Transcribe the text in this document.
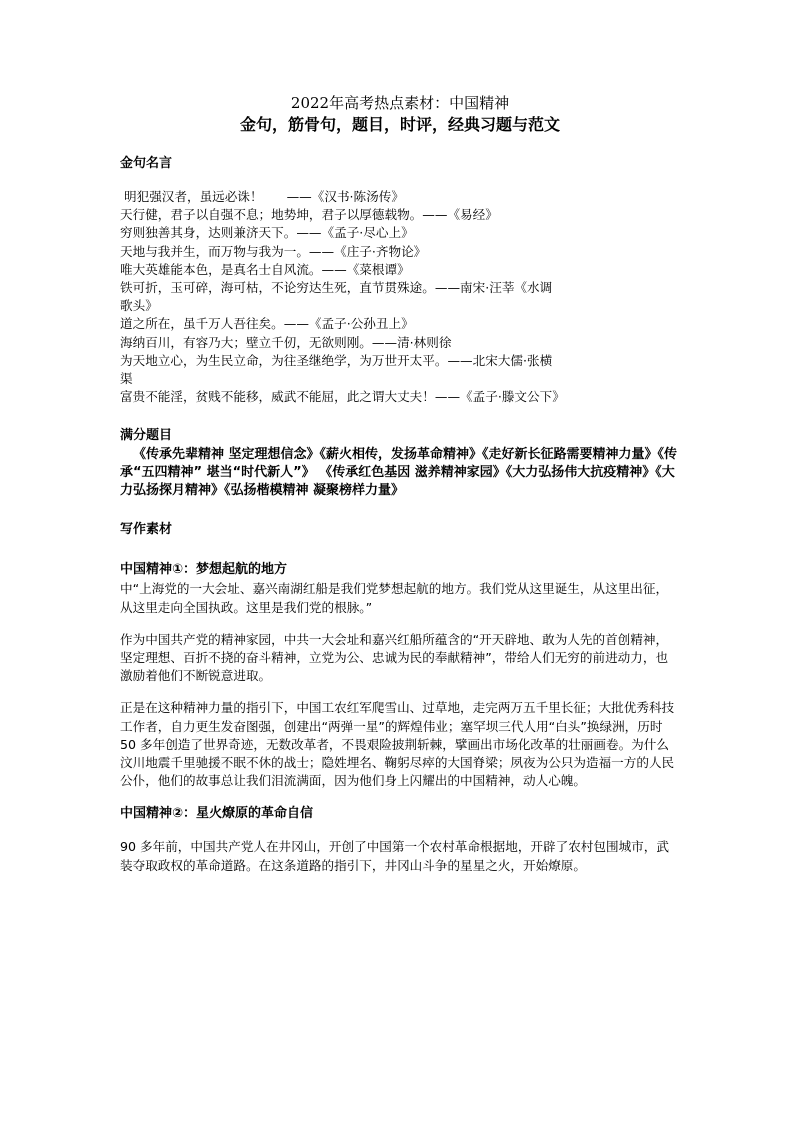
2022年高考热点素材：中国精神

金句，筋骨句，题目，时评，经典习题与范文

金句名言

明犯强汉者，虽远必诛！      ——《汉书·陈汤传》

天行健，君子以自强不息；地势坤，君子以厚德载物。——《易经》

穷则独善其身，达则兼济天下。——《孟子·尽心上》

天地与我并生，而万物与我为一。——《庄子·齐物论》

唯大英雄能本色，是真名士自风流。——《菜根谭》

铁可折，玉可碎，海可枯，不论穷达生死，直节贯殊途。——南宋·汪莘《水调

歌头》

道之所在，虽千万人吾往矣。——《孟子·公孙丑上》

海纳百川，有容乃大；壁立千仞，无欲则刚。——清·林则徐

为天地立心，为生民立命，为往圣继绝学，为万世开太平。——北宋大儒·张横

渠

富贵不能淫，贫贱不能移，威武不能屈，此之谓大丈夫！——《孟子·滕文公下》

满分题目

《传承先辈精神 坚定理想信念》《薪火相传，发扬革命精神》《走好新长征路需要精神力量》《传承“五四精神” 堪当“时代新人”》 《传承红色基因 滋养精神家园》《大力弘扬伟大抗疫精神》《大力弘扬探月精神》《弘扬楷模精神 凝聚榜样力量》

写作素材

中国精神①：梦想起航的地方

中“上海党的一大会址、嘉兴南湖红船是我们党梦想起航的地方。我们党从这里诞生，从这里出征，从这里走向全国执政。这里是我们党的根脉。”

作为中国共产党的精神家园，中共一大会址和嘉兴红船所蕴含的“开天辟地、敢为人先的首创精神，坚定理想、百折不挠的奋斗精神，立党为公、忠诚为民的奉献精神”，带给人们无穷的前进动力，也激励着他们不断锐意进取。

正是在这种精神力量的指引下，中国工农红军爬雪山、过草地，走完两万五千里长征；大批优秀科技工作者，自力更生发奋图强，创建出“两弹一星”的辉煌伟业；塞罕坝三代人用“白头”换绿洲，历时 50 多年创造了世界奇迹，无数改革者，不畏艰险披荆斩棘，擘画出市场化改革的壮丽画卷。为什么汶川地震千里驰援不眠不休的战士；隐姓埋名、鞠躬尽瘁的大国脊梁；夙夜为公只为造福一方的人民公仆，他们的故事总让我们泪流满面，因为他们身上闪耀出的中国精神，动人心魄。

中国精神②：星火燎原的革命自信

90 多年前，中国共产党人在井冈山，开创了中国第一个农村革命根据地，开辟了农村包围城市，武装夺取政权的革命道路。在这条道路的指引下，井冈山斗争的星星之火，开始燎原。
